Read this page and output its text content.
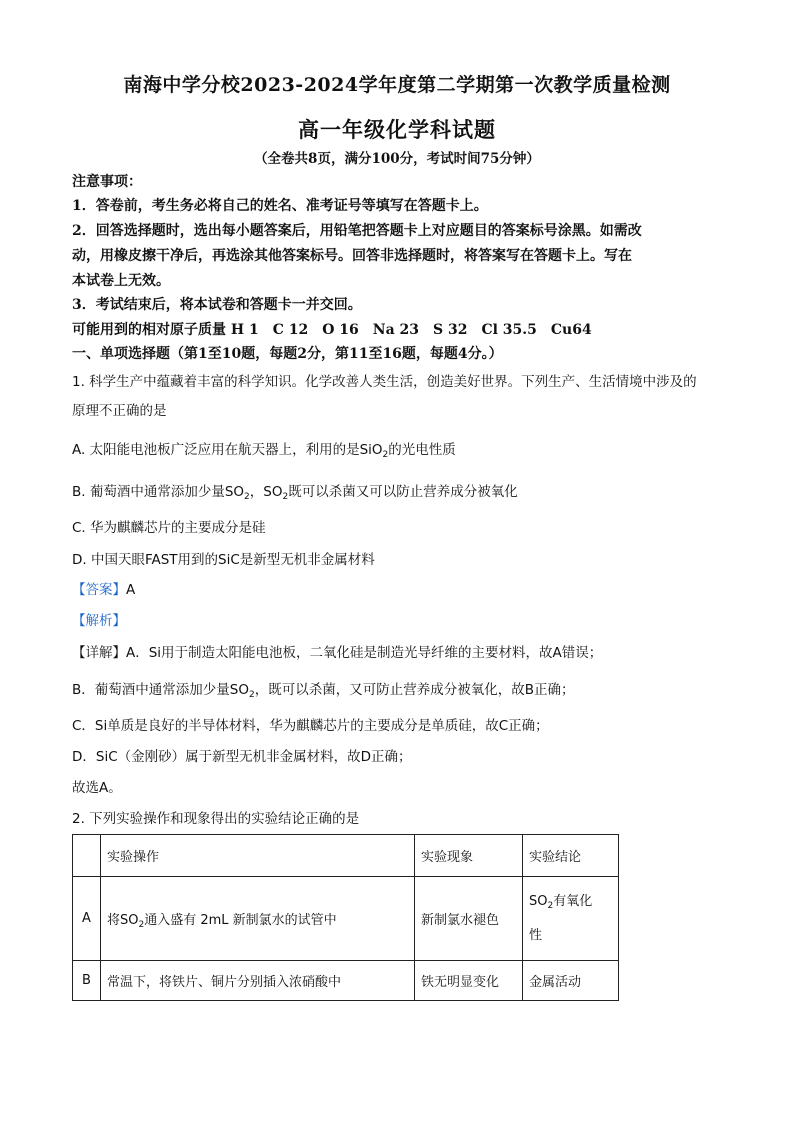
南海中学分校2023-2024学年度第二学期第一次教学质量检测
高一年级化学科试题
（全卷共8页，满分100分，考试时间75分钟）
注意事项：
1．答卷前，考生务必将自己的姓名、准考证号等填写在答题卡上。
2．回答选择题时，选出每小题答案后，用铅笔把答题卡上对应题目的答案标号涂黑。如需改
动，用橡皮擦干净后，再选涂其他答案标号。回答非选择题时，将答案写在答题卡上。写在
本试卷上无效。
3．考试结束后，将本试卷和答题卡一并交回。
可能用到的相对原子质量 H 1　C 12　O 16　Na 23　S 32　Cl 35.5　Cu64
一、单项选择题（第1至10题，每题2分，第11至16题，每题4分。）
1. 科学生产中蕴藏着丰富的科学知识。化学改善人类生活，创造美好世界。下列生产、生活情境中涉及的
原理不正确的是
A. 太阳能电池板广泛应用在航天器上，利用的是SiO$_2$的光电性质
B. 葡萄酒中通常添加少量$SO_2$，$SO_2$既可以杀菌又可以防止营养成分被氧化
C. 华为麒麟芯片的主要成分是硅
D. 中国天眼FAST用到的SiC是新型无机非金属材料
【答案】A
【解析】
【详解】A．Si用于制造太阳能电池板，二氧化硅是制造光导纤维的主要材料，故A错误；
B．葡萄酒中通常添加少量$SO_2$，既可以杀菌，又可防止营养成分被氧化，故B正确；
C．Si单质是良好的半导体材料，华为麒麟芯片的主要成分是单质硅，故C正确；
D．SiC（金刚砂）属于新型无机非金属材料，故D正确；
故选A。
2. 下列实验操作和现象得出的实验结论正确的是
	实验操作	实验现象	实验结论
A	将$SO_2$通入盛有 2mL 新制氯水的试管中	新制氯水褪色	$SO_2$有氧化
性
B	常温下，将铁片、铜片分别插入浓硝酸中	铁无明显变化	金属活动
